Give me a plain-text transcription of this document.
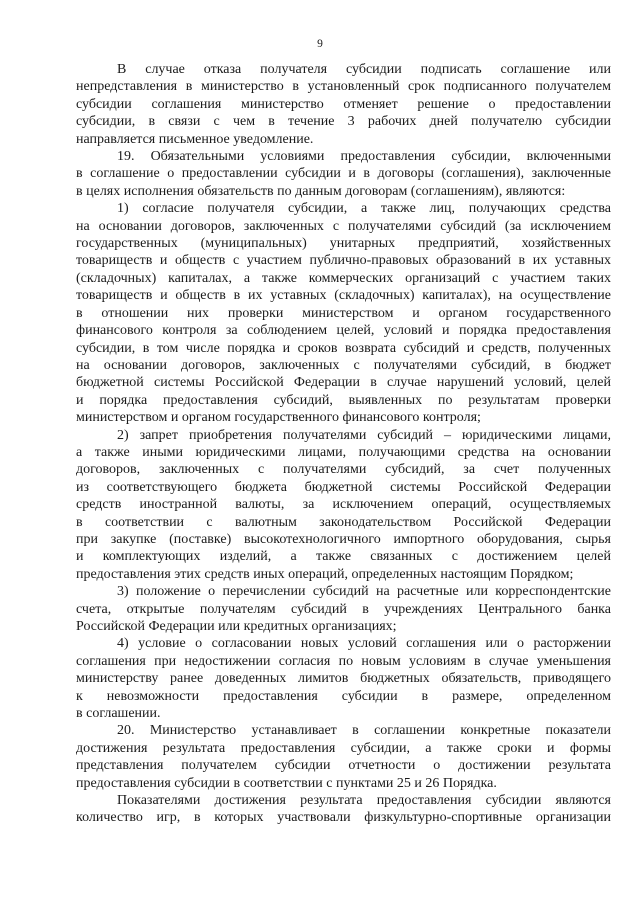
9

В случае отказа получателя субсидии подписать соглашение или
непредставления в министерство в установленный срок подписанного получателем
субсидии соглашения министерство отменяет решение о предоставлении
субсидии, в связи с чем в течение 3 рабочих дней получателю субсидии
направляется письменное уведомление.

19. Обязательными условиями предоставления субсидии, включенными
в соглашение о предоставлении субсидии и в договоры (соглашения), заключенные
в целях исполнения обязательств по данным договорам (соглашениям), являются:

1) согласие получателя субсидии, а также лиц, получающих средства
на основании договоров, заключенных с получателями субсидий (за исключением
государственных (муниципальных) унитарных предприятий, хозяйственных
товариществ и обществ с участием публично-правовых образований в их уставных
(складочных) капиталах, а также коммерческих организаций с участием таких
товариществ и обществ в их уставных (складочных) капиталах), на осуществление
в отношении них проверки министерством и органом государственного
финансового контроля за соблюдением целей, условий и порядка предоставления
субсидии, в том числе порядка и сроков возврата субсидий и средств, полученных
на основании договоров, заключенных с получателями субсидий, в бюджет
бюджетной системы Российской Федерации в случае нарушений условий, целей
и порядка предоставления субсидий, выявленных по результатам проверки
министерством и органом государственного финансового контроля;

2) запрет приобретения получателями субсидий – юридическими лицами,
а также иными юридическими лицами, получающими средства на основании
договоров, заключенных с получателями субсидий, за счет полученных
из соответствующего бюджета бюджетной системы Российской Федерации
средств иностранной валюты, за исключением операций, осуществляемых
в соответствии с валютным законодательством Российской Федерации
при закупке (поставке) высокотехнологичного импортного оборудования, сырья
и комплектующих изделий, а также связанных с достижением целей
предоставления этих средств иных операций, определенных настоящим Порядком;

3) положение о перечислении субсидий на расчетные или корреспондентские
счета, открытые получателям субсидий в учреждениях Центрального банка
Российской Федерации или кредитных организациях;

4) условие о согласовании новых условий соглашения или о расторжении
соглашения при недостижении согласия по новым условиям в случае уменьшения
министерству ранее доведенных лимитов бюджетных обязательств, приводящего
к невозможности предоставления субсидии в размере, определенном
в соглашении.

20. Министерство устанавливает в соглашении конкретные показатели
достижения результата предоставления субсидии, а также сроки и формы
представления получателем субсидии отчетности о достижении результата
предоставления субсидии в соответствии с пунктами 25 и 26 Порядка.

Показателями достижения результата предоставления субсидии являются
количество игр, в которых участвовали физкультурно-спортивные организации
